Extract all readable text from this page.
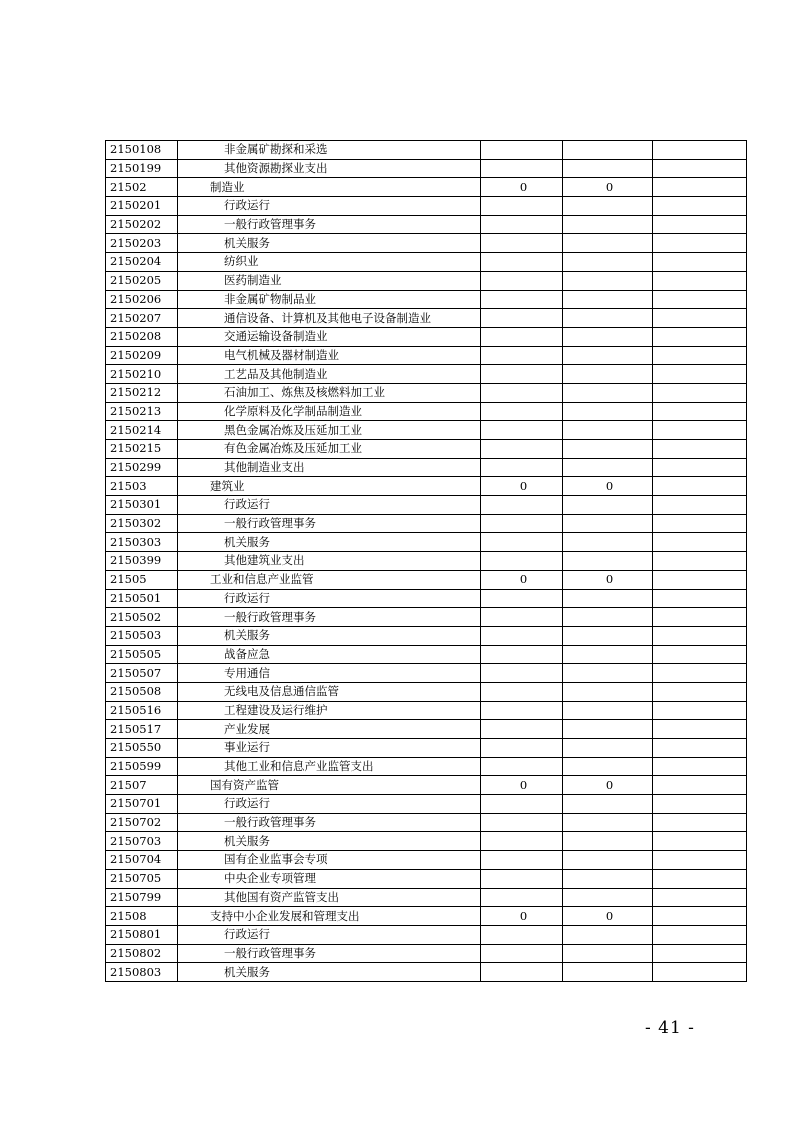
2150108	非金属矿勘探和采选			
2150199	其他资源勘探业支出			
21502	制造业	0	0	
2150201	行政运行			
2150202	一般行政管理事务			
2150203	机关服务			
2150204	纺织业			
2150205	医药制造业			
2150206	非金属矿物制品业			
2150207	通信设备、计算机及其他电子设备制造业			
2150208	交通运输设备制造业			
2150209	电气机械及器材制造业			
2150210	工艺品及其他制造业			
2150212	石油加工、炼焦及核燃料加工业			
2150213	化学原料及化学制品制造业			
2150214	黑色金属冶炼及压延加工业			
2150215	有色金属冶炼及压延加工业			
2150299	其他制造业支出			
21503	建筑业	0	0	
2150301	行政运行			
2150302	一般行政管理事务			
2150303	机关服务			
2150399	其他建筑业支出			
21505	工业和信息产业监管	0	0	
2150501	行政运行			
2150502	一般行政管理事务			
2150503	机关服务			
2150505	战备应急			
2150507	专用通信			
2150508	无线电及信息通信监管			
2150516	工程建设及运行维护			
2150517	产业发展			
2150550	事业运行			
2150599	其他工业和信息产业监管支出			
21507	国有资产监管	0	0	
2150701	行政运行			
2150702	一般行政管理事务			
2150703	机关服务			
2150704	国有企业监事会专项			
2150705	中央企业专项管理			
2150799	其他国有资产监管支出			
21508	支持中小企业发展和管理支出	0	0	
2150801	行政运行			
2150802	一般行政管理事务			
2150803	机关服务			
- 41 -
